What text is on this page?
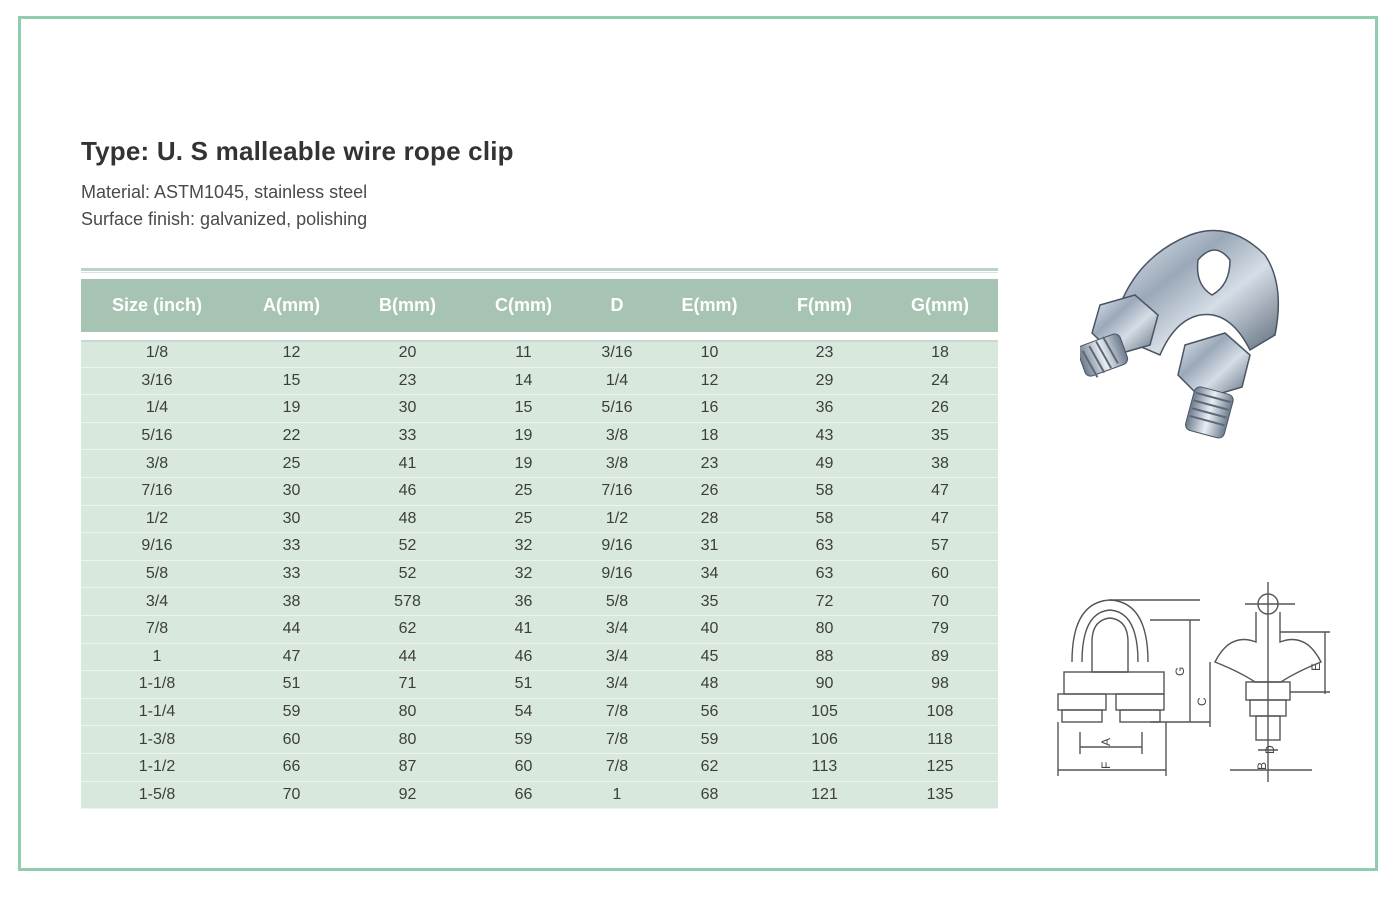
Type: U. S malleable wire rope clip
Material: ASTM1045, stainless steel
Surface finish: galvanized, polishing
Size (inch)	A(mm)	B(mm)	C(mm)	D	E(mm)	F(mm)	G(mm)
1/8	12	20	11	3/16	10	23	18
3/16	15	23	14	1/4	12	29	24
1/4	19	30	15	5/16	16	36	26
5/16	22	33	19	3/8	18	43	35
3/8	25	41	19	3/8	23	49	38
7/16	30	46	25	7/16	26	58	47
1/2	30	48	25	1/2	28	58	47
9/16	33	52	32	9/16	31	63	57
5/8	33	52	32	9/16	34	63	60
3/4	38	578	36	5/8	35	72	70
7/8	44	62	41	3/4	40	80	79
1	47	44	46	3/4	45	88	89
1-1/8	51	71	51	3/4	48	90	98
1-1/4	59	80	54	7/8	56	105	108
1-3/8	60	80	59	7/8	59	106	118
1-1/2	66	87	60	7/8	62	113	125
1-5/8	70	92	66	1	68	121	135
A
F
C
G	E
B
D
